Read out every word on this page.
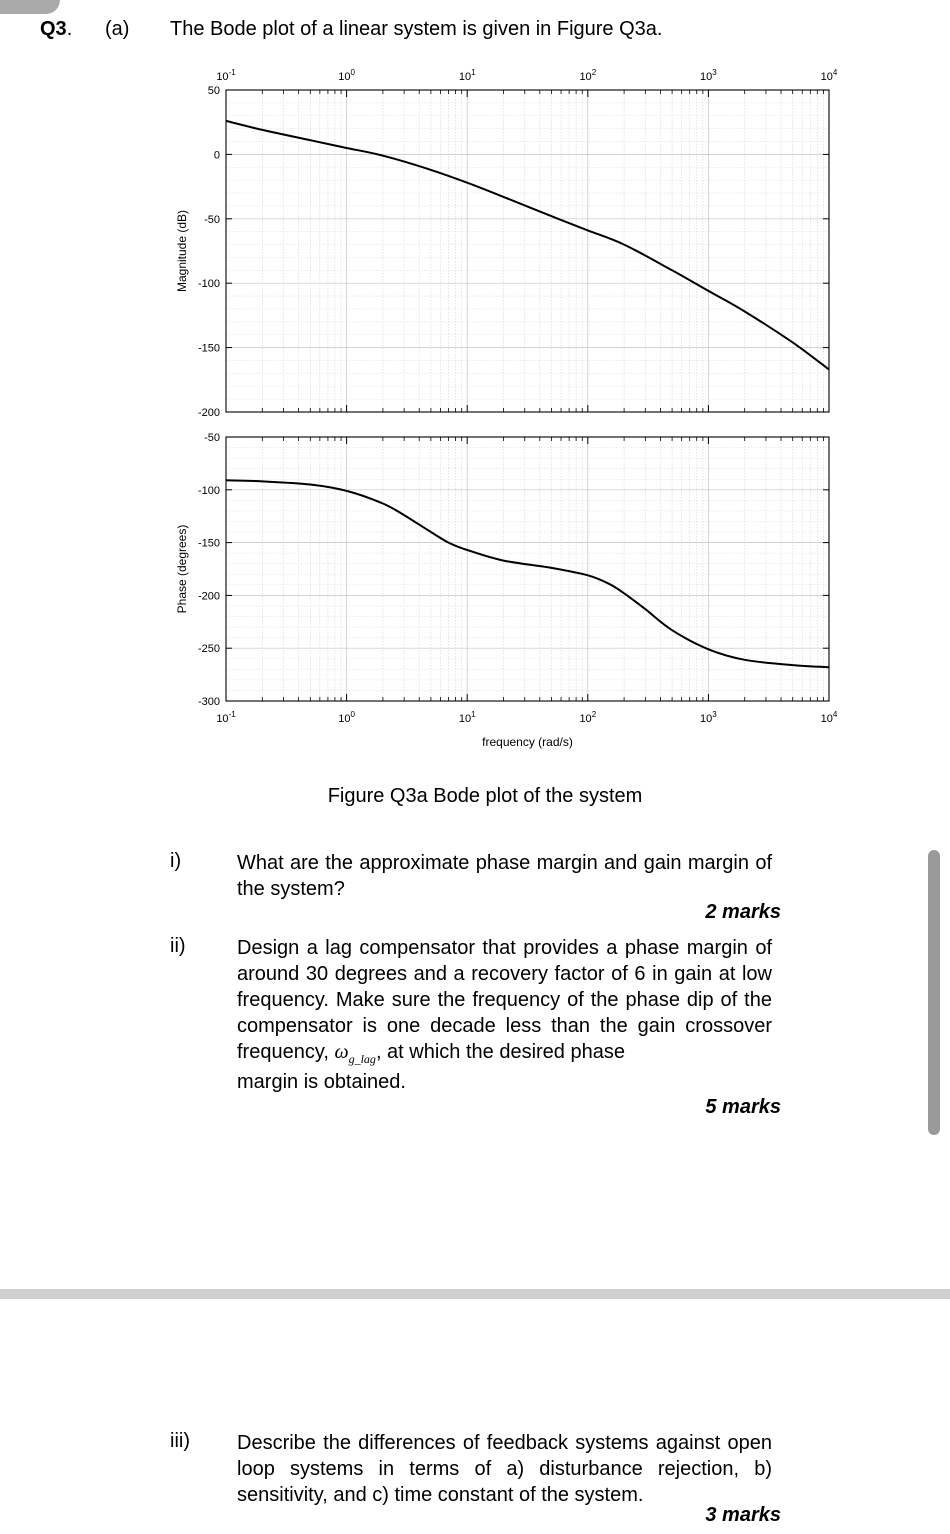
Q3. (a) The Bode plot of a linear system is given in Figure Q3a.
50
0
-50
-100
-150
-200
$10^{-1}$	$10^0$	$10^1$	$10^2$	$10^3$	$10^4$
Magnitude (dB)
-50
-100
-150
-200
-250
-300
$10^{-1}$	$10^0$	$10^1$	$10^2$	$10^3$	$10^4$
Phase (degrees)
frequency (rad/s)
Figure Q3a Bode plot of the system
i)	What are the approximate phase margin and gain margin of the system?
2 marks
ii)	Design a lag compensator that provides a phase margin of around 30 degrees and a recovery factor of 6 in gain at low frequency. Make sure the frequency of the phase dip of the compensator is one decade less than the gain crossover frequency, $\omega_{g\_lag}$, at which the desired phase
margin is obtained.
5 marks
iii) Describe the differences of feedback systems against open loop systems in terms of a) disturbance rejection, b) sensitivity, and c) time constant of the system.
3 marks
